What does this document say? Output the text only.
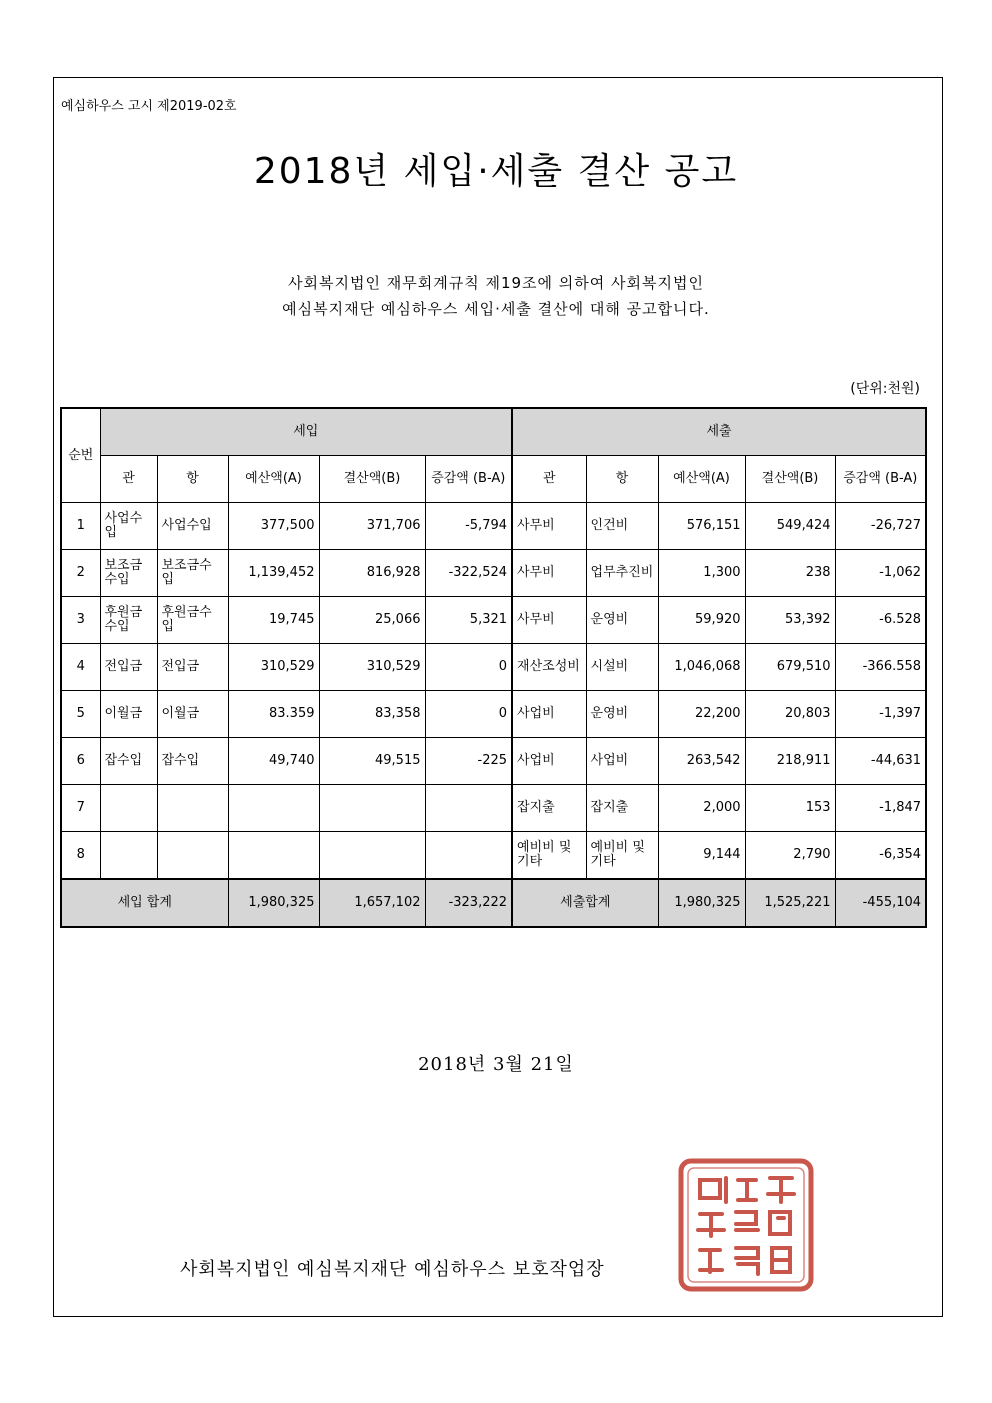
예심하우스 고시 제2019-02호
2018년 세입·세출 결산 공고
사회복지법인 재무회계규칙 제19조에 의하여 사회복지법인
예심복지재단 예심하우스 세입·세출 결산에 대해 공고합니다.
(단위:천원)
순번	세입					세출				
	관	항	예산액(A)	결산액(B)	증감액 (B-A)	관	항	예산액(A)	결산액(B)	증감액 (B-A)
1	사업수입	사업수입	377,500	371,706	-5,794	사무비	인건비	576,151	549,424	-26,727
2	보조금수입	보조금수입	1,139,452	816,928	-322,524	사무비	업무추진비	1,300	238	-1,062
3	후원금수입	후원금수입	19,745	25,066	5,321	사무비	운영비	59,920	53,392	-6.528
4	전입금	전입금	310,529	310,529	0	재산조성비	시설비	1,046,068	679,510	-366.558
5	이월금	이월금	83.359	83,358	0	사업비	운영비	22,200	20,803	-1,397
6	잡수입	잡수입	49,740	49,515	-225	사업비	사업비	263,542	218,911	-44,631
7						잡지출	잡지출	2,000	153	-1,847
8						예비비 및 기타	예비비 및 기타	9,144	2,790	-6,354
세입 합계			1,980,325	1,657,102	-323,222	세출합계		1,980,325	1,525,221	-455,104
2018년 3월 21일
사회복지법인 예심복지재단 예심하우스 보호작업장
